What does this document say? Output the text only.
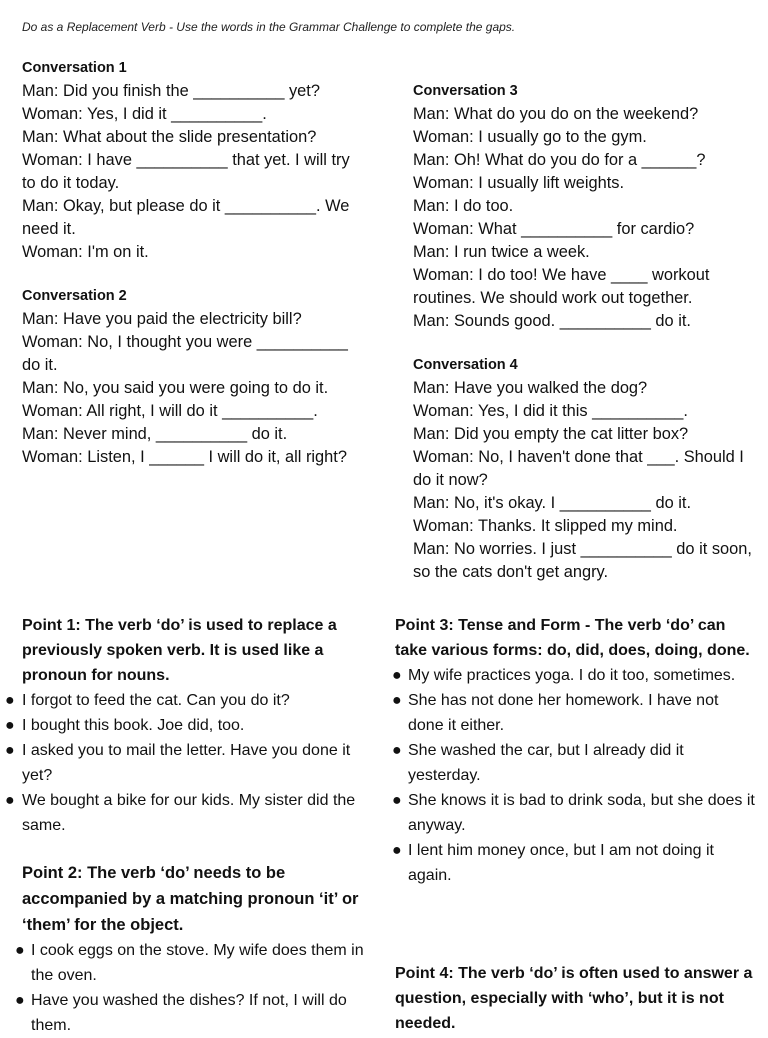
Do as a Replacement Verb - Use the words in the Grammar Challenge to complete the gaps.
Conversation 1
Man: Did you finish the __________ yet?
Woman: Yes, I did it __________.
Man: What about the slide presentation?
Woman: I have __________ that yet. I will try to do it today.
Man: Okay, but please do it __________. We need it.
Woman: I'm on it.
Conversation 2
Man: Have you paid the electricity bill?
Woman: No, I thought you were __________ do it.
Man: No, you said you were going to do it.
Woman: All right, I will do it __________.
Man: Never mind, __________ do it.
Woman: Listen, I ______ I will do it, all right?
Conversation 3
Man: What do you do on the weekend?
Woman: I usually go to the gym.
Man: Oh! What do you do for a ______?
Woman: I usually lift weights.
Man: I do too.
Woman: What __________ for cardio?
Man: I run twice a week.
Woman: I do too! We have ____ workout routines. We should work out together.
Man: Sounds good. __________ do it.
Conversation 4
Man: Have you walked the dog?
Woman: Yes, I did it this __________.
Man: Did you empty the cat litter box?
Woman: No, I haven't done that ___. Should I do it now?
Man: No, it's okay. I __________ do it.
Woman: Thanks. It slipped my mind.
Man: No worries. I just __________ do it soon, so the cats don't get angry.
Point 1: The verb ‘do’ is used to replace a previously spoken verb. It is used like a pronoun for nouns.
● I forgot to feed the cat. Can you do it?
● I bought this book. Joe did, too.
● I asked you to mail the letter. Have you done it yet?
● We bought a bike for our kids. My sister did the same.
Point 2: The verb ‘do’ needs to be accompanied by a matching pronoun ‘it’ or ‘them’ for the object.
● I cook eggs on the stove. My wife does them in the oven.
● Have you washed the dishes? If not, I will do them.
Point 3: Tense and Form - The verb ‘do’ can take various forms: do, did, does, doing, done.
● My wife practices yoga. I do it too, sometimes.
● She has not done her homework. I have not done it either.
● She washed the car, but I already did it yesterday.
● She knows it is bad to drink soda, but she does it anyway.
● I lent him money once, but I am not doing it again.
Point 4: The verb ‘do’ is often used to answer a question, especially with ‘who’, but it is not needed.
